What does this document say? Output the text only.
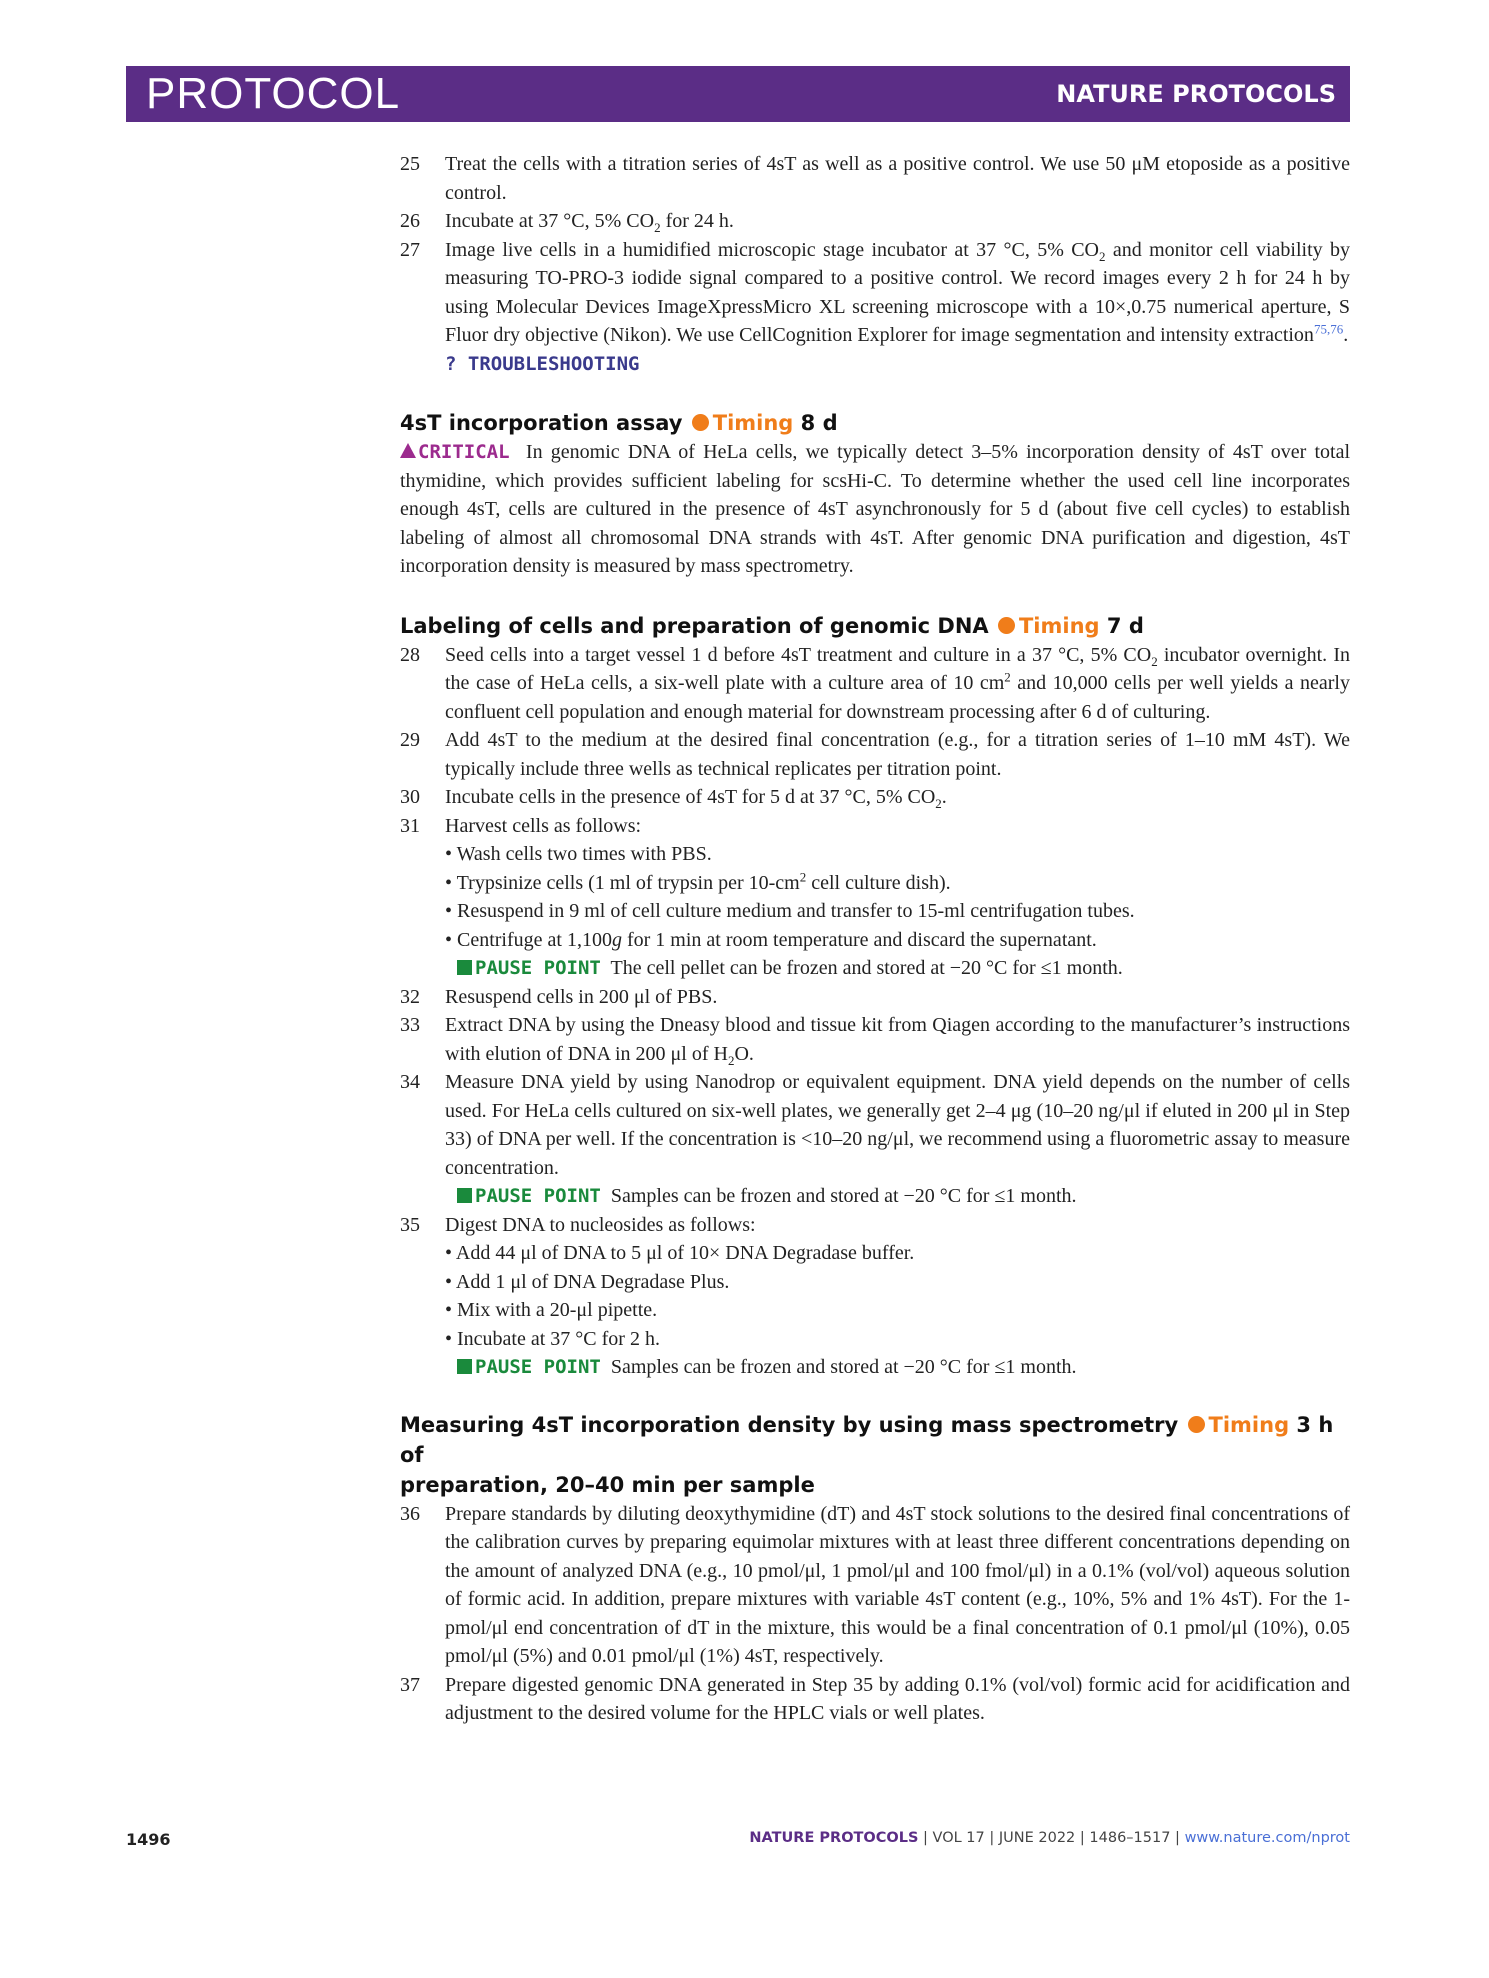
PROTOCOL	NATURE PROTOCOLS
25 Treat the cells with a titration series of 4sT as well as a positive control. We use 50 μM etoposide as a positive control.
26 Incubate at 37 °C, 5% $CO_2$ for 24 h.
27 Image live cells in a humidified microscopic stage incubator at 37 °C, 5% $CO_2$ and monitor cell viability by measuring TO-PRO-3 iodide signal compared to a positive control. We record images every 2 h for 24 h by using Molecular Devices ImageXpressMicro XL screening microscope with a 10×,0.75 numerical aperture, S Fluor dry objective (Nikon). We use CellCognition Explorer for image segmentation and intensity extraction$^{75,76}$.
? TROUBLESHOOTING
4sT incorporation assay Timing 8 d
CRITICAL In genomic DNA of HeLa cells, we typically detect 3–5% incorporation density of 4sT over total thymidine, which provides sufficient labeling for scsHi-C. To determine whether the used cell line incorporates enough 4sT, cells are cultured in the presence of 4sT asynchronously for 5 d (about five cell cycles) to establish labeling of almost all chromosomal DNA strands with 4sT. After genomic DNA purification and digestion, 4sT incorporation density is measured by mass spectrometry.
Labeling of cells and preparation of genomic DNA Timing 7 d
28 Seed cells into a target vessel 1 d before 4sT treatment and culture in a 37 °C, 5% $CO_2$ incubator overnight. In the case of HeLa cells, a six-well plate with a culture area of 10 $cm^2$ and 10,000 cells per well yields a nearly confluent cell population and enough material for downstream processing after 6 d of culturing.
29 Add 4sT to the medium at the desired final concentration (e.g., for a titration series of 1–10 mM 4sT). We typically include three wells as technical replicates per titration point.
30 Incubate cells in the presence of 4sT for 5 d at 37 °C, 5% $CO_2$.
31 Harvest cells as follows:
• Wash cells two times with PBS.
• Trypsinize cells (1 ml of trypsin per $10-cm^2$ cell culture dish).
• Resuspend in 9 ml of cell culture medium and transfer to 15-ml centrifugation tubes.
• Centrifuge at 1,100g for 1 min at room temperature and discard the supernatant.
PAUSE POINT The cell pellet can be frozen and stored at −20 °C for ≤1 month.
32 Resuspend cells in 200 μl of PBS.
33 Extract DNA by using the Dneasy blood and tissue kit from Qiagen according to the manufacturer’s instructions with elution of DNA in 200 μl of $H_2O$.
34 Measure DNA yield by using Nanodrop or equivalent equipment. DNA yield depends on the number of cells used. For HeLa cells cultured on six-well plates, we generally get 2–4 μg (10–20 ng/μl if eluted in 200 μl in Step 33) of DNA per well. If the concentration is <10–20 ng/μl, we recommend using a fluorometric assay to measure concentration.
PAUSE POINT Samples can be frozen and stored at −20 °C for ≤1 month.
35 Digest DNA to nucleosides as follows:
• Add 44 μl of DNA to 5 μl of 10× DNA Degradase buffer.
• Add 1 μl of DNA Degradase Plus.
• Mix with a 20-μl pipette.
• Incubate at 37 °C for 2 h.
PAUSE POINT Samples can be frozen and stored at −20 °C for ≤1 month.
Measuring 4sT incorporation density by using mass spectrometry Timing 3 h of
preparation, 20–40 min per sample
36 Prepare standards by diluting deoxythymidine (dT) and 4sT stock solutions to the desired final concentrations of the calibration curves by preparing equimolar mixtures with at least three different concentrations depending on the amount of analyzed DNA (e.g., 10 pmol/μl, 1 pmol/μl and 100 fmol/μl) in a 0.1% (vol/vol) aqueous solution of formic acid. In addition, prepare mixtures with variable 4sT content (e.g., 10%, 5% and 1% 4sT). For the 1-pmol/μl end concentration of dT in the mixture, this would be a final concentration of 0.1 pmol/μl (10%), 0.05 pmol/μl (5%) and 0.01 pmol/μl (1%) 4sT, respectively.
37 Prepare digested genomic DNA generated in Step 35 by adding 0.1% (vol/vol) formic acid for acidification and adjustment to the desired volume for the HPLC vials or well plates.
1496	NATURE PROTOCOLS | VOL 17 | JUNE 2022 | 1486–1517 | www.nature.com/nprot
